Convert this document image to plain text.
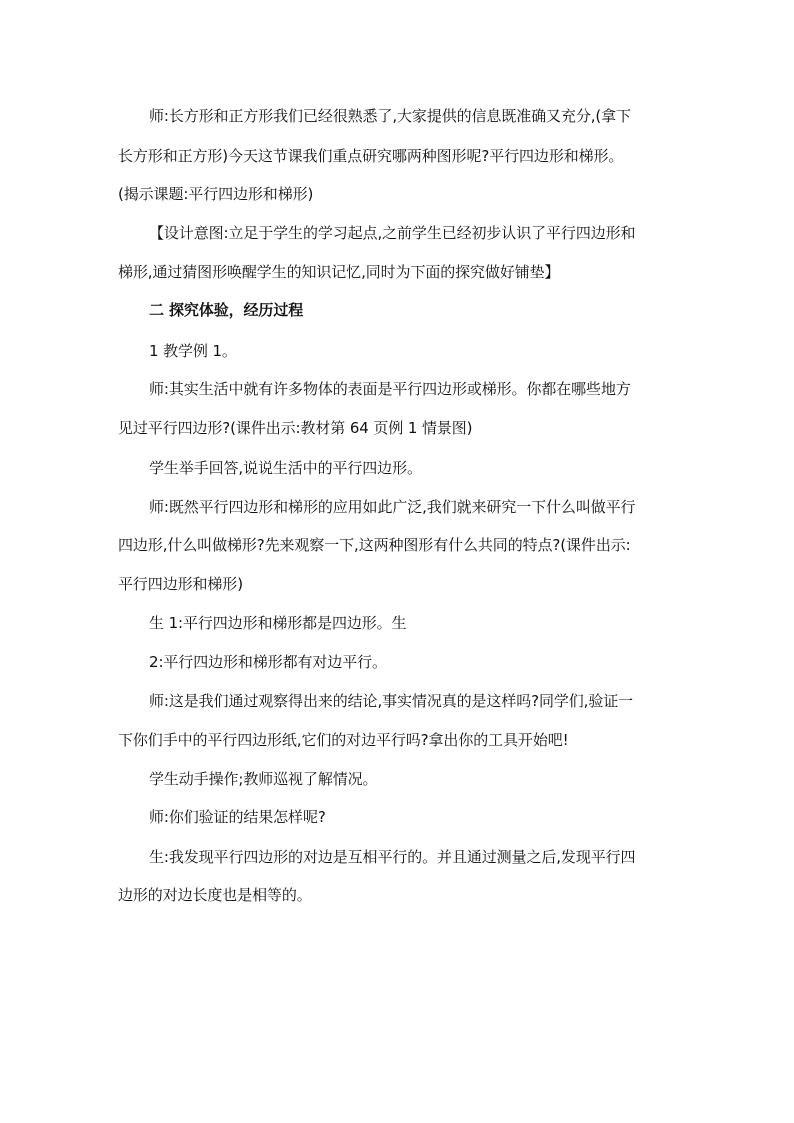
师:长方形和正方形我们已经很熟悉了,大家提供的信息既准确又充分,(拿下
长方形和正方形)今天这节课我们重点研究哪两种图形呢?平行四边形和梯形。
(揭示课题:平行四边形和梯形)
【设计意图:立足于学生的学习起点,之前学生已经初步认识了平行四边形和
梯形,通过猜图形唤醒学生的知识记忆,同时为下面的探究做好铺垫】
二 探究体验，经历过程
1 教学例 1。
师:其实生活中就有许多物体的表面是平行四边形或梯形。你都在哪些地方
见过平行四边形?(课件出示:教材第 64 页例 1 情景图)
学生举手回答,说说生活中的平行四边形。
师:既然平行四边形和梯形的应用如此广泛,我们就来研究一下什么叫做平行
四边形,什么叫做梯形?先来观察一下,这两种图形有什么共同的特点?(课件出示:
平行四边形和梯形)
生 1:平行四边形和梯形都是四边形。生
2:平行四边形和梯形都有对边平行。
师:这是我们通过观察得出来的结论,事实情况真的是这样吗?同学们,验证一
下你们手中的平行四边形纸,它们的对边平行吗?拿出你的工具开始吧!
学生动手操作;教师巡视了解情况。
师:你们验证的结果怎样呢?
生:我发现平行四边形的对边是互相平行的。并且通过测量之后,发现平行四
边形的对边长度也是相等的。
